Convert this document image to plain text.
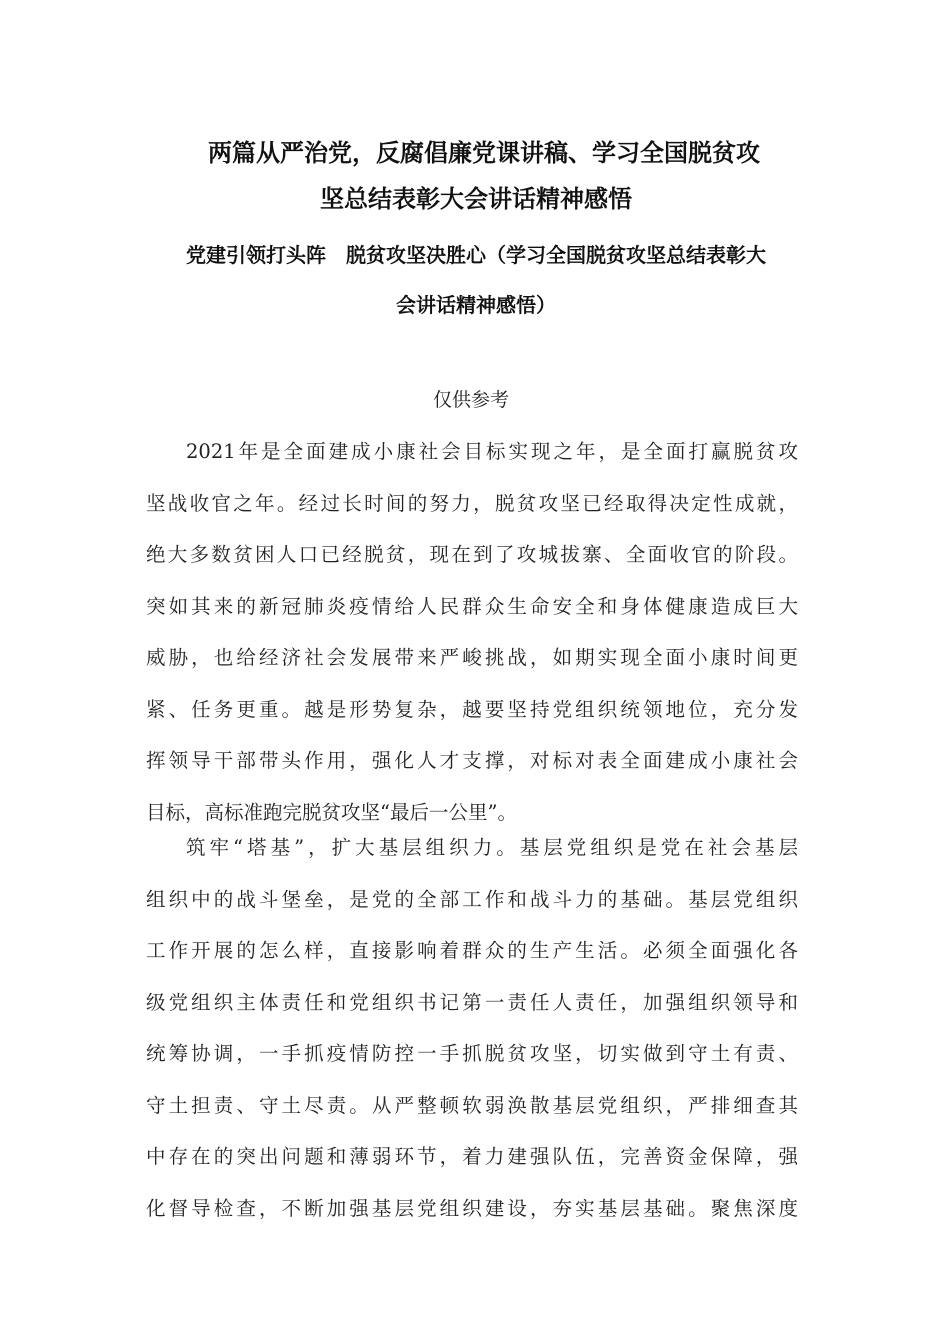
两篇从严治党，反腐倡廉党课讲稿、学习全国脱贫攻
坚总结表彰大会讲话精神感悟
党建引领打头阵　脱贫攻坚决胜心（学习全国脱贫攻坚总结表彰大
会讲话精神感悟）
仅供参考

2021年是全面建成小康社会目标实现之年，是全面打赢脱贫攻
坚战收官之年。经过长时间的努力，脱贫攻坚已经取得决定性成就，
绝大多数贫困人口已经脱贫，现在到了攻城拔寨、全面收官的阶段。
突如其来的新冠肺炎疫情给人民群众生命安全和身体健康造成巨大
威胁，也给经济社会发展带来严峻挑战，如期实现全面小康时间更
紧、任务更重。越是形势复杂，越要坚持党组织统领地位，充分发
挥领导干部带头作用，强化人才支撑，对标对表全面建成小康社会
目标，高标准跑完脱贫攻坚“最后一公里”。

筑牢“塔基”，扩大基层组织力。基层党组织是党在社会基层
组织中的战斗堡垒，是党的全部工作和战斗力的基础。基层党组织
工作开展的怎么样，直接影响着群众的生产生活。必须全面强化各
级党组织主体责任和党组织书记第一责任人责任，加强组织领导和
统筹协调，一手抓疫情防控一手抓脱贫攻坚，切实做到守土有责、
守土担责、守土尽责。从严整顿软弱涣散基层党组织，严排细查其
中存在的突出问题和薄弱环节，着力建强队伍，完善资金保障，强
化督导检查，不断加强基层党组织建设，夯实基层基础。聚焦深度
